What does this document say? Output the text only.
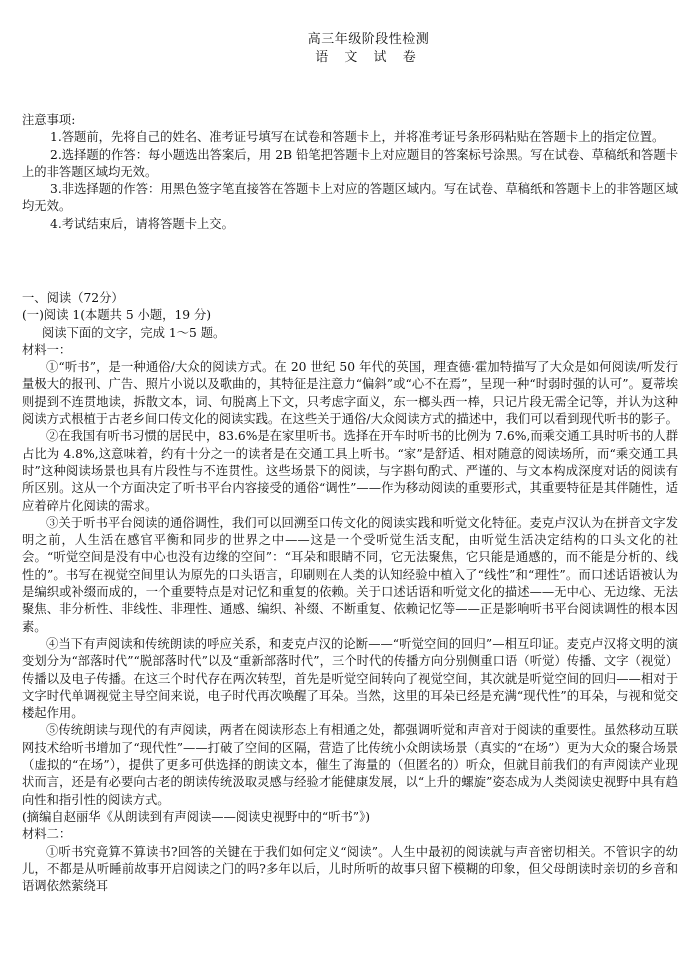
高三年级阶段性检测
语 文 试 卷

注意事项:

1.答题前，先将自己的姓名、准考证号填写在试卷和答题卡上，并将准考证号条形码粘贴在答题卡上的指定位置。

2.选择题的作答：每小题选出答案后，用 2B 铅笔把答题卡上对应题目的答案标号涂黑。写在试卷、草稿纸和答题卡上的非答题区域均无效。

3.非选择题的作答：用黑色签字笔直接答在答题卡上对应的答题区域内。写在试卷、草稿纸和答题卡上的非答题区域均无效。

4.考试结束后，请将答题卡上交。

一、阅读（72分）

(一)阅读 1(本题共 5 小题，19 分)

阅读下面的文字，完成 1～5 题。

材料一：

①“听书”，是一种通俗/大众的阅读方式。在 20 世纪 50 年代的英国，理查德·霍加特描写了大众是如何阅读/听发行量极大的报刊、广告、照片小说以及歌曲的，其特征是注意力“偏斜”或“心不在焉”，呈现一种“时弱时强的认可”。夏蒂埃则提到不连贯地读，拆散文本，词、句脱离上下文，只考虑字面义，东一榔头西一棒，只记片段无需全记等，并认为这种阅读方式根植于古老乡间口传文化的阅读实践。在这些关于通俗/大众阅读方式的描述中，我们可以看到现代听书的影子。

②在我国有听书习惯的居民中，83.6%是在家里听书。选择在开车时听书的比例为 7.6%,而乘交通工具时听书的人群占比为 4.8%,这意味着，约有十分之一的读者是在交通工具上听书。“家”是舒适、相对随意的阅读场所，而“乘交通工具时”这种阅读场景也具有片段性与不连贯性。这些场景下的阅读，与字斟句酌式、严谨的、与文本构成深度对话的阅读有所区别。这从一个方面决定了听书平台内容接受的通俗“调性”——作为移动阅读的重要形式，其重要特征是其伴随性，适应着碎片化阅读的需求。

③关于听书平台阅读的通俗调性，我们可以回溯至口传文化的阅读实践和听觉文化特征。麦克卢汉认为在拼音文字发明之前，人生活在感官平衡和同步的世界之中——这是一个受听觉生活支配，由听觉生活决定结构的口头文化的社会。“听觉空间是没有中心也没有边缘的空间”：“耳朵和眼睛不同，它无法聚焦，它只能是通感的，而不能是分析的、线性的”。书写在视觉空间里认为原先的口头语言，印刷则在人类的认知经验中植入了“线性”和“理性”。而口述话语被认为是编织或补缀而成的，一个重要特点是对记忆和重复的依赖。关于口述话语和听觉文化的描述——无中心、无边缘、无法聚焦、非分析性、非线性、非理性、通感、编织、补缀、不断重复、依赖记忆等——正是影响听书平台阅读调性的根本因素。

④当下有声阅读和传统朗读的呼应关系，和麦克卢汉的论断——“听觉空间的回归”—相互印证。麦克卢汉将文明的演变划分为“部落时代”“脱部落时代”以及“重新部落时代”，三个时代的传播方向分别侧重口语（听觉）传播、文字（视觉）传播以及电子传播。在这三个时代存在两次转型，首先是听觉空间转向了视觉空间，其次就是听觉空间的回归——相对于文字时代单调视觉主导空间来说，电子时代再次唤醒了耳朵。当然，这里的耳朵已经是充满“现代性”的耳朵，与视和觉交楼起作用。

⑤传统朗读与现代的有声阅读，两者在阅读形态上有相通之处，都强调听觉和声音对于阅读的重要性。虽然移动互联网技术给听书增加了“现代性”——打破了空间的区隔，营造了比传统小众朗读场景（真实的“在场”）更为大众的聚合场景（虚拟的“在场”），提供了更多可供选择的朗读文本，催生了海量的（但匿名的）听众，但就目前我们的有声阅读产业现状而言，还是有必要向古老的朗读传统汲取灵感与经验才能健康发展，以“上升的螺旋”姿态成为人类阅读史视野中具有趋向性和指引性的阅读方式。

(摘编自赵丽华《从朗读到有声阅读——阅读史视野中的“听书”》)

材料二：

①听书究竟算不算读书?回答的关键在于我们如何定义“阅读”。人生中最初的阅读就与声音密切相关。不管识字的幼儿，不都是从听睡前故事开启阅读之门的吗?多年以后，儿时所听的故事只留下模糊的印象，但父母朗读时亲切的乡音和语调依然萦绕耳
